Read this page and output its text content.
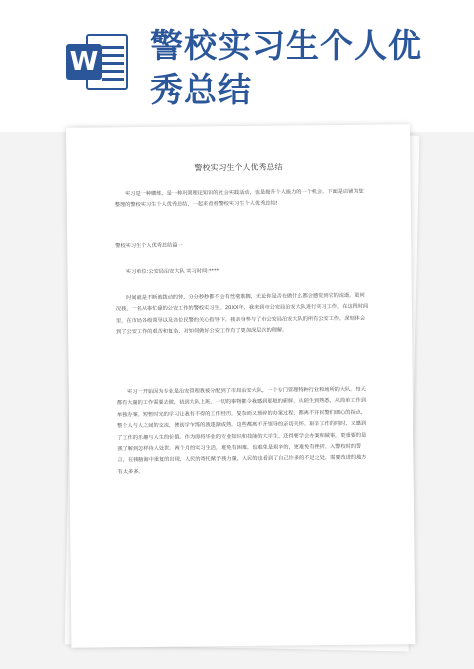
W 警校实习生个人优秀总结
警校实习生个人优秀总结
实习是一种磨练，是一种巩固理论知识的社会实践活动，也是提升个人能力的一个机会。下面是店铺为您整理的警校实习生个人优秀总结，一起来看看警校实习生个人优秀总结!
警校实习生个人优秀总结篇一
实习单位:公安局治安大队 实习时间:****
时间就是不断被拨动的钟，分分秒秒都不会有丝毫耽搁，无论你是否在做什么都会感觉到它的流逝。更何况我，一名从事忙碌的公安工作的警校实习生。20XX年，我来到市公安局治安大队进行实习工作，在这段时间里，在市局各级领导以及各位民警的关心指导下，我亲身参与了市公安局治安大队的所有公安工作，深刻体会到了公安工作的艰苦和复杂，对如何做好公安工作有了更加深层次的理解。
实习一开始因为专业是治安管理我被分配到了市局治安大队，一个专门管理特种行业和场所的大队。每天都有大量的工作需要去做，初到大队上班，一切的事物都令我感到那般的新鲜，从陌生到熟悉，从简单工作到单独办案。短暂时光的学习让我有不得的工作经历，复杂而又琐碎的办案过程，都离不开民警们细心的指点，整个人与人之间的交流，使初学乍练的我逐渐成熟。这些都离不开领导的亲切关怀。艰辛工作的同时，又感到了工作的乐趣与人生的价值。作为即将毕业的专业知识和技能的大学生，还得要学会办案和做事，更重要的是我了解到怎样待人处世。两个月的实习生活，难免有困难，也难免是艰辛的，更难免有挫折。入警校时的誓言，在我脑海中重复的出现，人民的寄托赋予我力量，人民的也看到了自己许多的不足之处，需要改进的地方有太多多。
